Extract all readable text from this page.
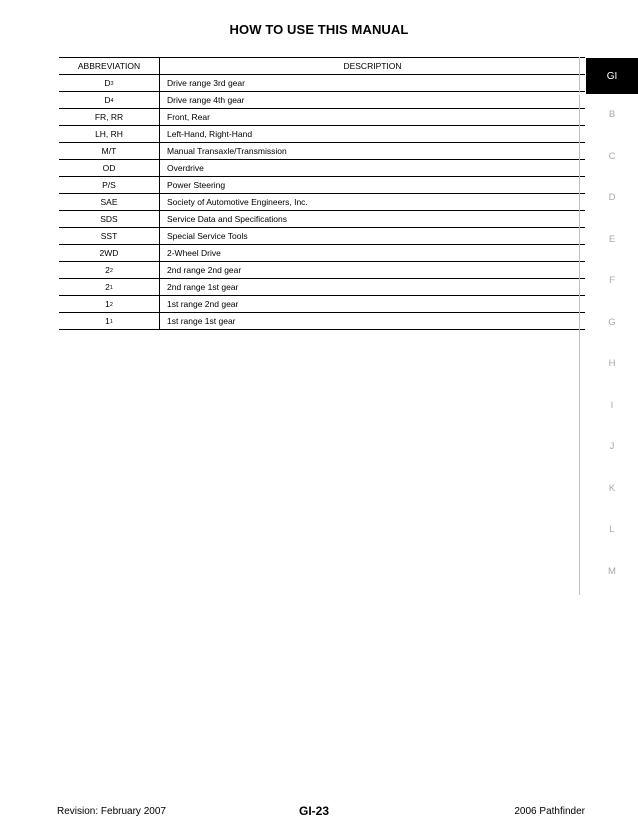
HOW TO USE THIS MANUAL
ABBREVIATION	DESCRIPTION
D 3	Drive range 3rd gear
D 4	Drive range 4th gear
FR, RR	Front, Rear
LH, RH	Left-Hand, Right-Hand
M/T	Manual Transaxle/Transmission
OD	Overdrive
P/S	Power Steering
SAE	Society of Automotive Engineers, Inc.
SDS	Service Data and Specifications
SST	Special Service Tools
2WD	2-Wheel Drive
2 2	2nd range 2nd gear
2 1	2nd range 1st gear
1 2	1st range 2nd gear
1 1	1st range 1st gear
GI
B
C
D
E
F
G
H
I
J
K
L
M
Revision: February 2007	GI-23	2006 Pathfinder
